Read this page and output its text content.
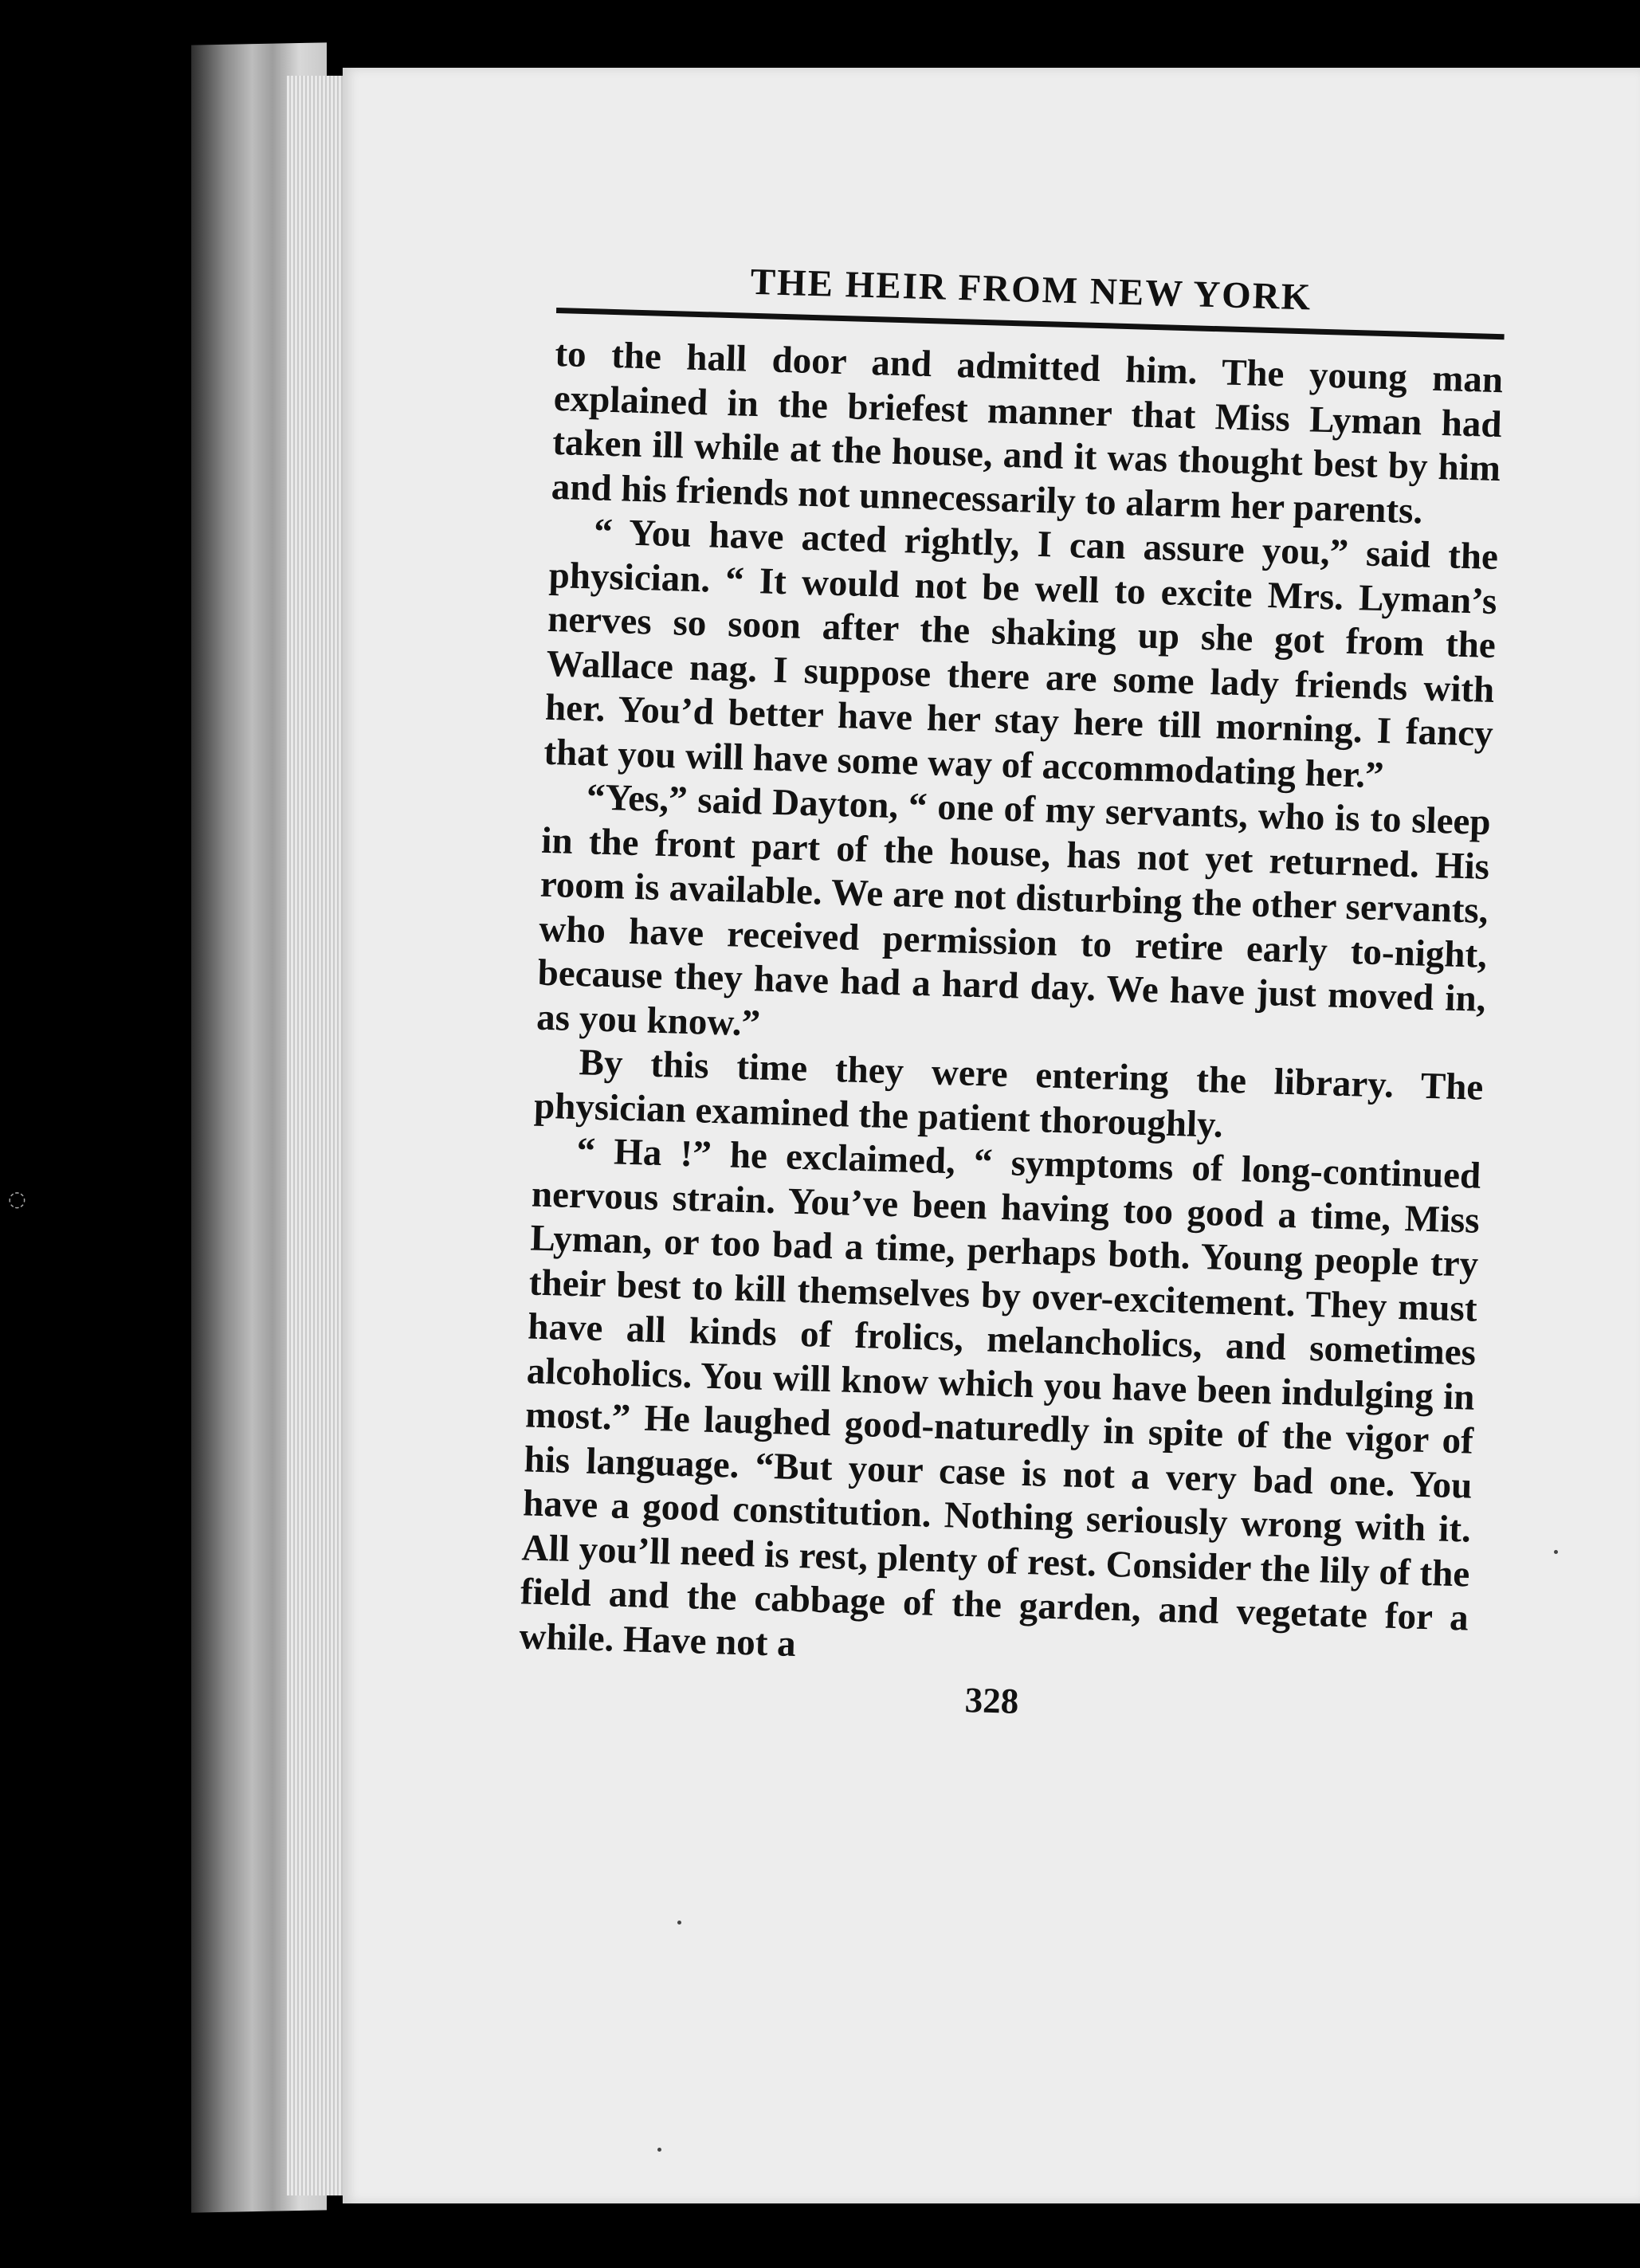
◌
THE HEIR FROM NEW YORK

to the hall door and admitted him. The young man explained in the briefest manner that Miss Lyman had taken ill while at the house, and it was thought best by him and his friends not unnecessarily to alarm her parents.

“ You have acted rightly, I can assure you,” said the physician. “ It would not be well to excite Mrs. Lyman’s nerves so soon after the shaking up she got from the Wallace nag. I suppose there are some lady friends with her. You’d better have her stay here till morning. I fancy that you will have some way of accommodating her.”

“Yes,” said Dayton, “ one of my servants, who is to sleep in the front part of the house, has not yet returned. His room is available. We are not disturbing the other servants, who have received permission to retire early to-night, because they have had a hard day. We have just moved in, as you know.”

By this time they were entering the library. The physician examined the patient thoroughly.

“ Ha !” he exclaimed, “ symptoms of long-continued nervous strain. You’ve been having too good a time, Miss Lyman, or too bad a time, perhaps both. Young people try their best to kill themselves by over-excitement. They must have all kinds of frolics, melancholics, and sometimes alcoholics. You will know which you have been indulging in most.” He laughed good-naturedly in spite of the vigor of his language. “But your case is not a very bad one. You have a good constitution. Nothing seriously wrong with it. All you’ll need is rest, plenty of rest. Consider the lily of the field and the cabbage of the garden, and vegetate for a while. Have not a

328
